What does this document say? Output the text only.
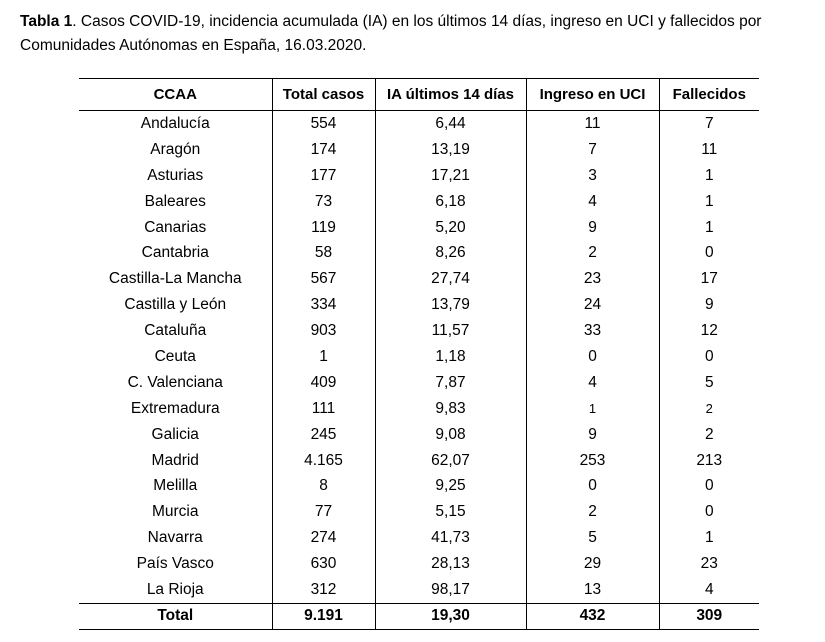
Tabla 1. Casos COVID-19, incidencia acumulada (IA) en los últimos 14 días, ingreso en UCI y fallecidos por Comunidades Autónomas en España, 16.03.2020.
CCAA	Total casos	IA últimos 14 días	Ingreso en UCI	Fallecidos
Andalucía	554	6,44	11	7
Aragón	174	13,19	7	11
Asturias	177	17,21	3	1
Baleares	73	6,18	4	1
Canarias	119	5,20	9	1
Cantabria	58	8,26	2	0
Castilla-La Mancha	567	27,74	23	17
Castilla y León	334	13,79	24	9
Cataluña	903	11,57	33	12
Ceuta	1	1,18	0	0
C. Valenciana	409	7,87	4	5
Extremadura	111	9,83	1	2
Galicia	245	9,08	9	2
Madrid	4.165	62,07	253	213
Melilla	8	9,25	0	0
Murcia	77	5,15	2	0
Navarra	274	41,73	5	1
País Vasco	630	28,13	29	23
La Rioja	312	98,17	13	4
Total	9.191	19,30	432	309
